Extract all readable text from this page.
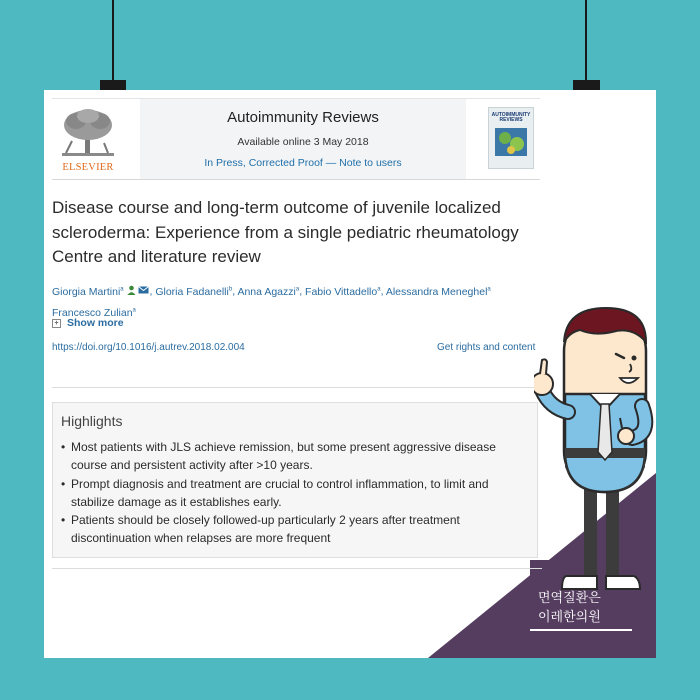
ELSEVIER
Autoimmunity Reviews
Available online 3 May 2018
In Press, Corrected Proof — Note to users
AUTOIMMUNITY REVIEWS
Disease course and long-term outcome of juvenile localized scleroderma: Experience from a single pediatric rheumatology Centre and literature review
Giorgia Martini$^a$ , Gloria Fadanelli$^b$, Anna Agazzi$^a$, Fabio Vittadello$^a$, Alessandra Meneghel$^a$
Francesco Zulian$^a$
+ Show more
https://doi.org/10.1016/j.autrev.2018.02.004	Get rights and content
Highlights
• Most patients with JLS achieve remission, but some present aggressive disease course and persistent activity after >10 years.
• Prompt diagnosis and treatment are crucial to control inflammation, to limit and stabilize damage as it establishes early.
• Patients should be closely followed-up particularly 2 years after treatment discontinuation when relapses are more frequent
면역질환은
이레한의원
